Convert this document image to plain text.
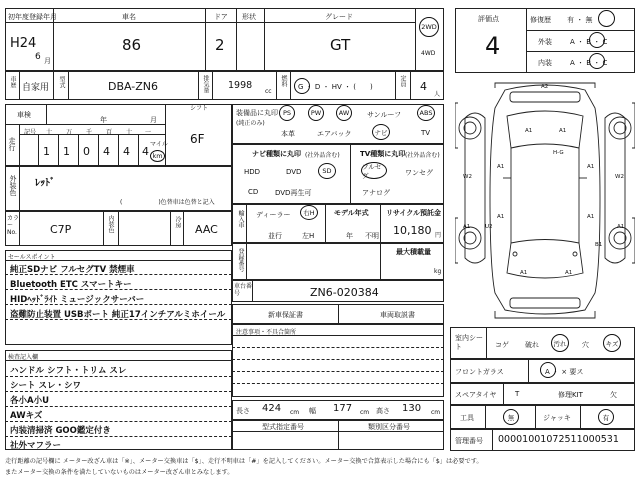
初年度登録年月
H24
6 月
車名
86
ドア
2
形状	グレード
GT
2WD
4WD
車歴 自家用 型式	DBA-ZN6	排気量 1998
cc
燃料 G ・ D ・ HV ・ (　　)	定員 4
人
車検
年	月
シフト
6F
走行
記号 十 万 千 百 十 一
1 1 0 4 4 4
マイル
km
外装色 ﾚｯﾄﾞ
(　　　　　　)色替車は色替と記入
カラーNo.	C7P	内装色	冷房
AAC
セールスポイント
純正SDナビ フルセグTV 禁煙車
Bluetooth ETC スマートキー
HIDﾍｯﾄﾞﾗｲﾄ ミュージックサーバー
盗難防止装置 USBポート 純正17インチアルミホイール
検査記入欄
ハンドル シフト・トリム スレ
シート スレ・シワ
各小A小U
AWキズ
内装清掃済 GOO鑑定付き
社外マフラー
装備品に丸印
(純正のみ)
PS	PW	AW	サンルーフ	ABS
本革	エアバック	ナビ	TV
ナビ種類に丸印 (社外品含む)	TV種類に丸印 (社外品含む)
HDD	DVD	SD
CD DVD再生可
フルセグ	ワンセグ
アナログ
輸入車 ディーラー 右H
並行	左H
モデル年式
年 不明
リサイクル預託金
10,180 円
登録番号	最大積載量
kg
車台番号	ZN6-020384
新車保証書	車両取説書
注意事項・不具合箇所
長さ 424 cm 幅 177 cm 高さ 130 cm
型式指定番号	類別区分番号
評価点
4
修復歴 有 ・ 無
外装	A ・ B ・ C
内装	A ・ B ・ C
A2
A1	A1
W2	W2
A1	A1
U2
A1	A1
H-G
A1	A1
B1
A1	A1
室内シート	コゲ 破れ 汚れ 穴	キズ
フロントガラス	A ・ × 要ス
スペアタイヤ	T	修理KIT	欠
工具	無	ジャッキ	有
管理番号 00001001072511000531
走行距離の記号欄に メーター改ざん車は「※」、メーター交換車は「$」、走行不明車は「#」を記入してください。メーター交換で合算表示した場合にも「$」は必要です。
またメーター交換の条件を満たしていないものはメーター改ざん車とみなします。
